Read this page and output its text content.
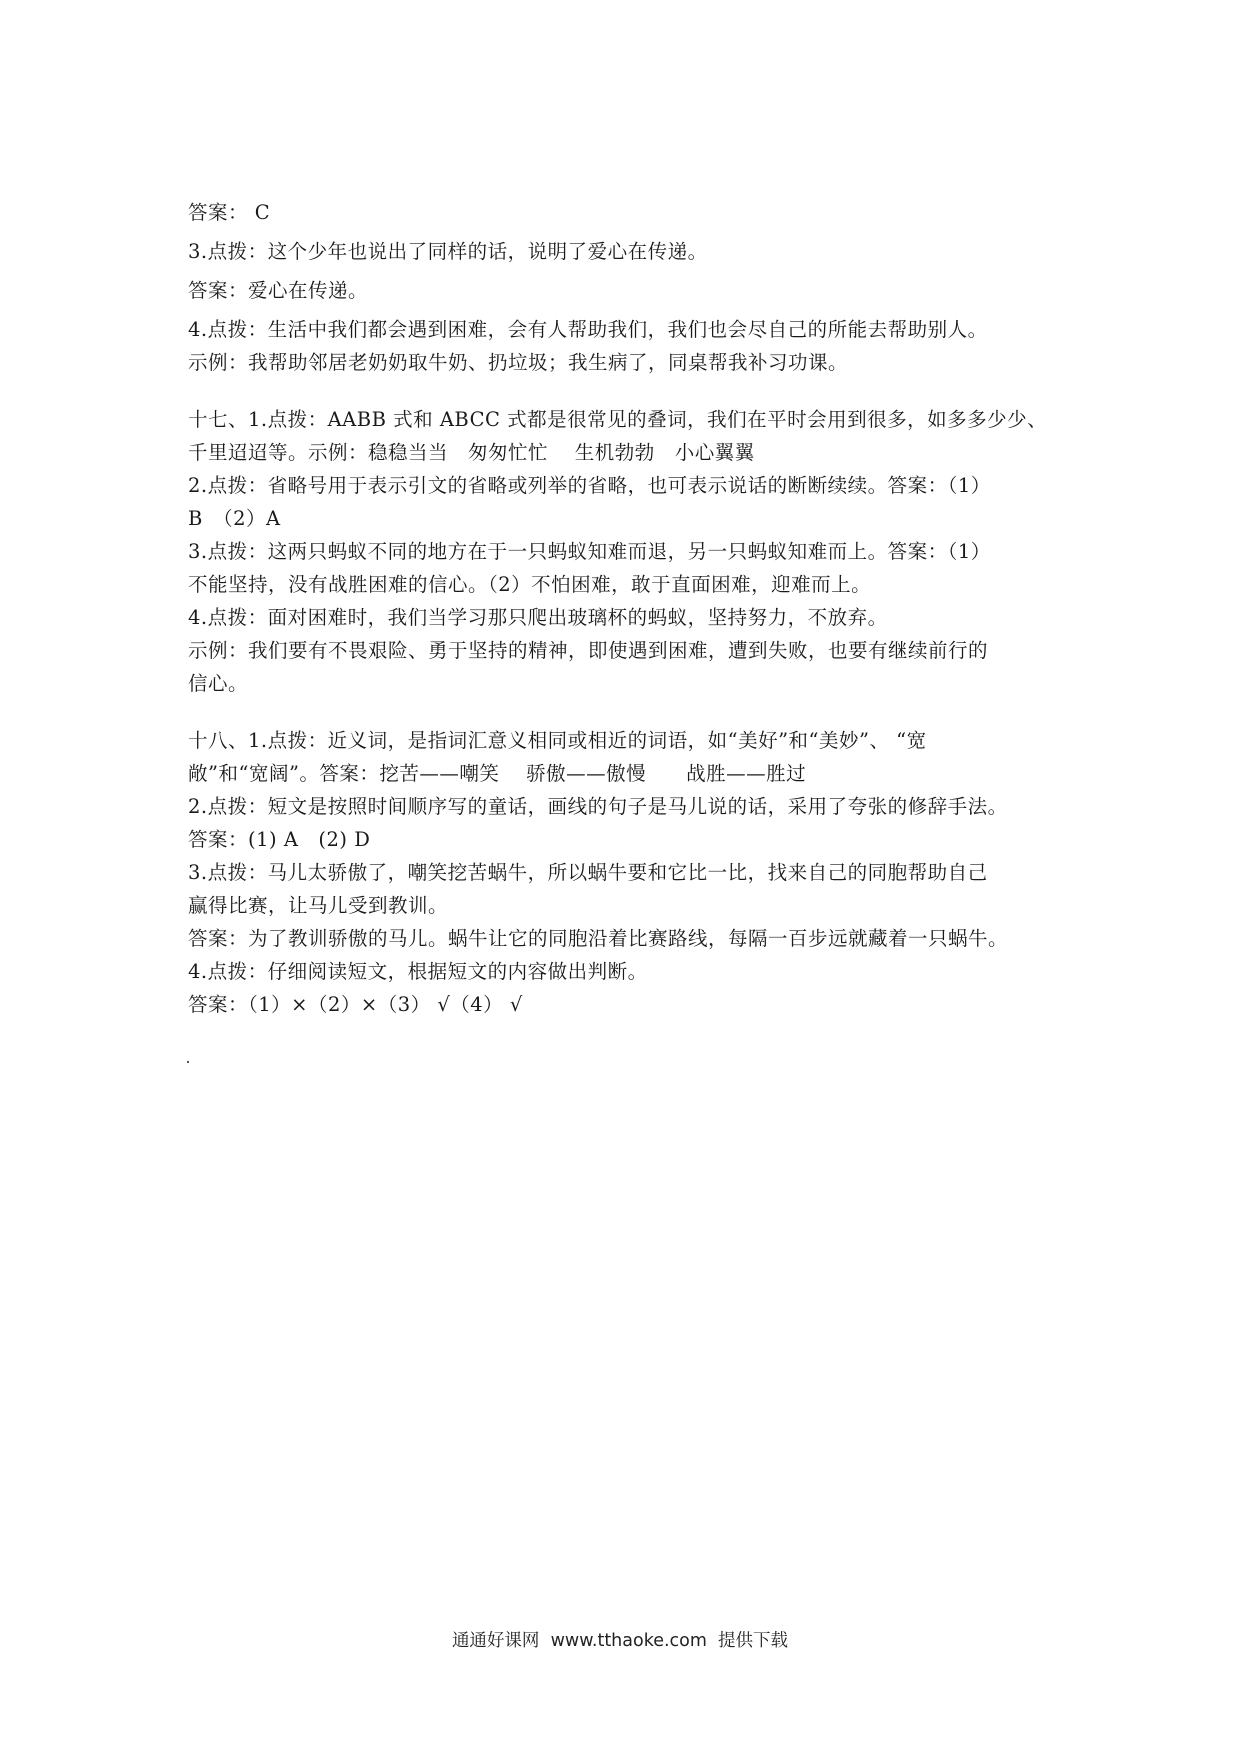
答案： C
3.点拨：这个少年也说出了同样的话，说明了爱心在传递。
答案：爱心在传递。
4.点拨：生活中我们都会遇到困难，会有人帮助我们，我们也会尽自己的所能去帮助别人。
示例：我帮助邻居老奶奶取牛奶、扔垃圾；我生病了，同桌帮我补习功课。
十七、1.点拨：AABB 式和 ABCC 式都是很常见的叠词，我们在平时会用到很多，如多多少少、
千里迢迢等。示例：稳稳当当　匆匆忙忙　 生机勃勃　小心翼翼
2.点拨：省略号用于表示引文的省略或列举的省略，也可表示说话的断断续续。答案：（1）
B　（2）A
3.点拨：这两只蚂蚁不同的地方在于一只蚂蚁知难而退，另一只蚂蚁知难而上。答案：（1）
不能坚持，没有战胜困难的信心。（2）不怕困难，敢于直面困难，迎难而上。
4.点拨：面对困难时，我们当学习那只爬出玻璃杯的蚂蚁，坚持努力，不放弃。
示例：我们要有不畏艰险、勇于坚持的精神，即使遇到困难，遭到失败，也要有继续前行的
信心。
十八、1.点拨：近义词，是指词汇意义相同或相近的词语，如“美好”和“美妙”、 “宽
敞”和“宽阔”。答案：挖苦——嘲笑　 骄傲——傲慢　　战胜——胜过
2.点拨：短文是按照时间顺序写的童话，画线的句子是马儿说的话，采用了夸张的修辞手法。
答案：(1) A　(2) D
3.点拨：马儿太骄傲了，嘲笑挖苦蜗牛，所以蜗牛要和它比一比，找来自己的同胞帮助自己
赢得比赛，让马儿受到教训。
答案：为了教训骄傲的马儿。蜗牛让它的同胞沿着比赛路线，每隔一百步远就藏着一只蜗牛。
4.点拨：仔细阅读短文，根据短文的内容做出判断。
答案：（1）×（2）×（3） √（4） √
通通好课网  www.tthaoke.com  提供下载
